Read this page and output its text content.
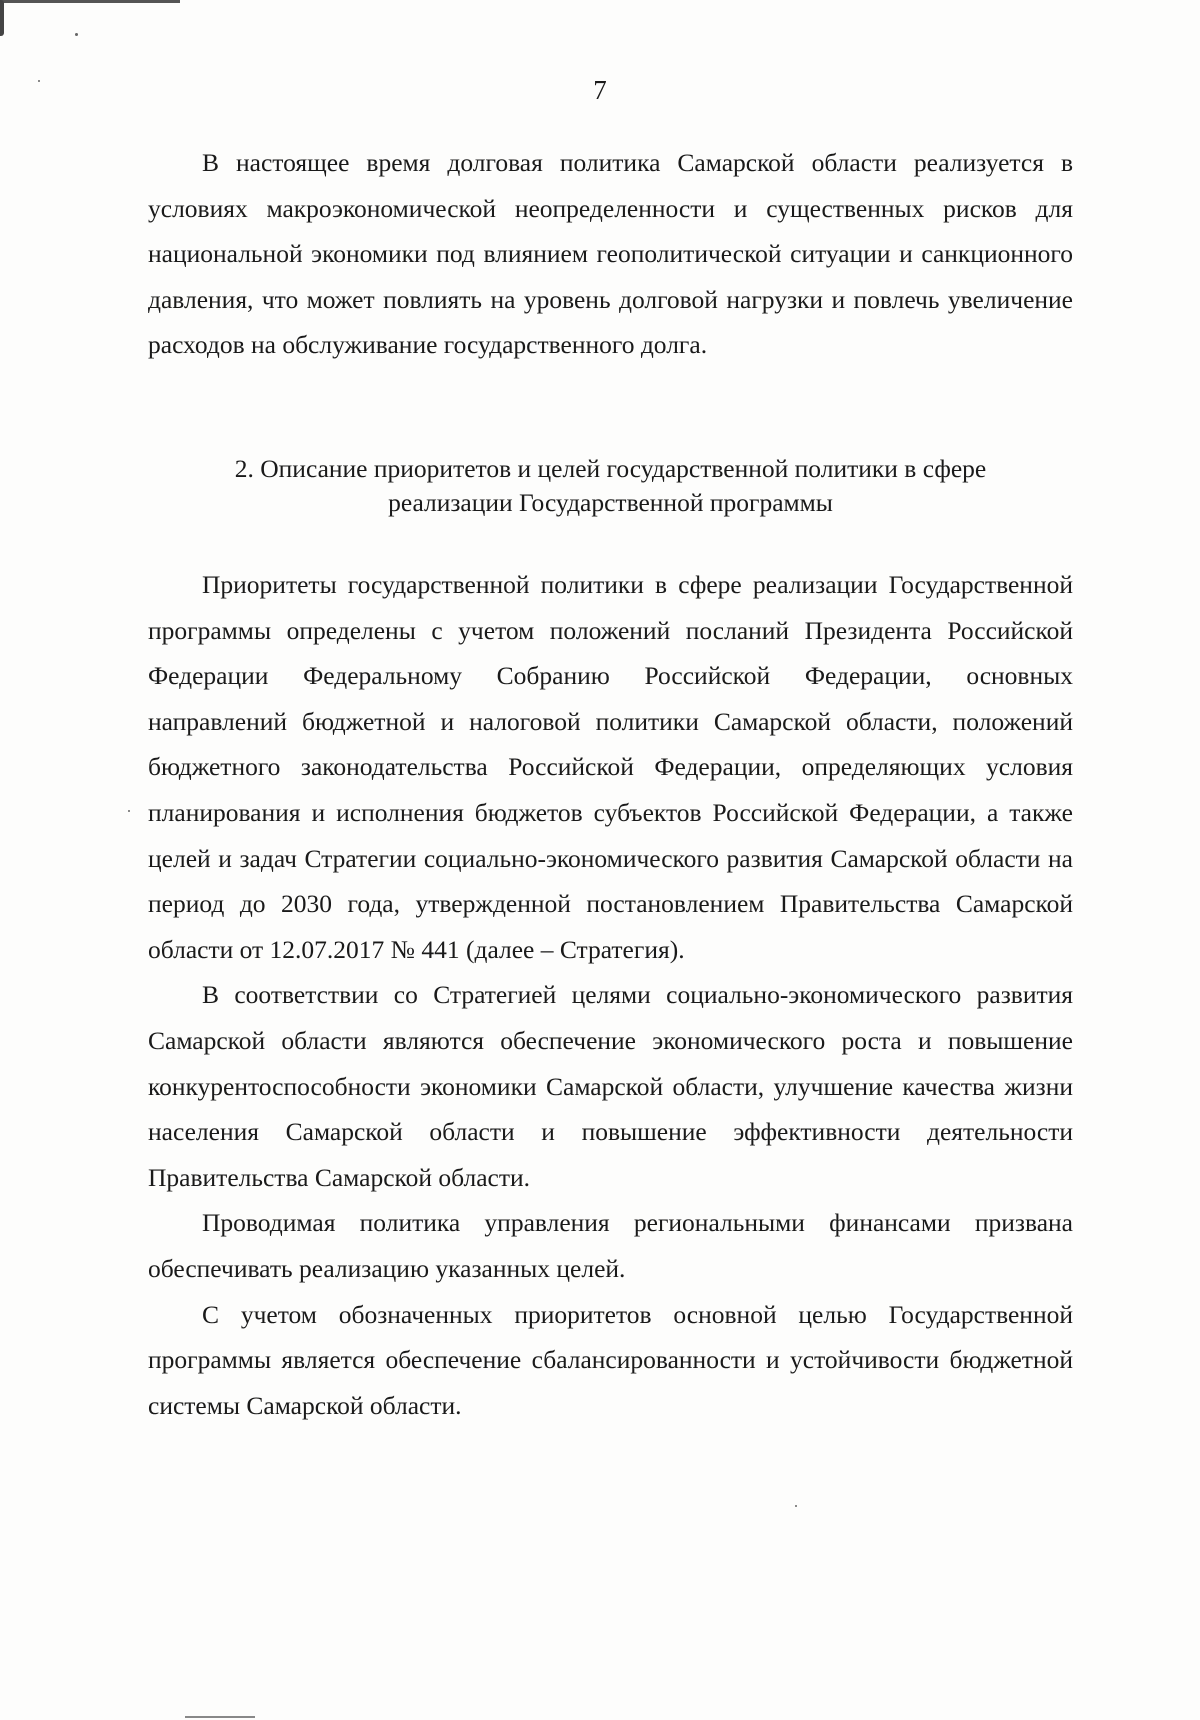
7

В настоящее время долговая политика Самарской области реализуется в условиях макроэкономической неопределенности и существенных рисков для национальной экономики под влиянием геополитической ситуации и санкционного давления, что может повлиять на уровень долговой нагрузки и повлечь увеличение расходов на обслуживание государственного долга.

2. Описание приоритетов и целей государственной политики в сфере
реализации Государственной программы

Приоритеты государственной политики в сфере реализации Государственной программы определены с учетом положений посланий Президента Российской Федерации Федеральному Собранию Российской Федерации, основных направлений бюджетной и налоговой политики Самарской области, положений бюджетного законодательства Российской Федерации, определяющих условия планирования и исполнения бюджетов субъектов Российской Федерации, а также целей и задач Стратегии социально-экономического развития Самарской области на период до 2030 года, утвержденной постановлением Правительства Самарской области от 12.07.2017 № 441 (далее – Стратегия).

В соответствии со Стратегией целями социально-экономического развития Самарской области являются обеспечение экономического роста и повышение конкурентоспособности экономики Самарской области, улучшение качества жизни населения Самарской области и повышение эффективности деятельности Правительства Самарской области.

Проводимая политика управления региональными финансами призвана обеспечивать реализацию указанных целей.

С учетом обозначенных приоритетов основной целью Государственной программы является обеспечение сбалансированности и устойчивости бюджетной системы Самарской области.
